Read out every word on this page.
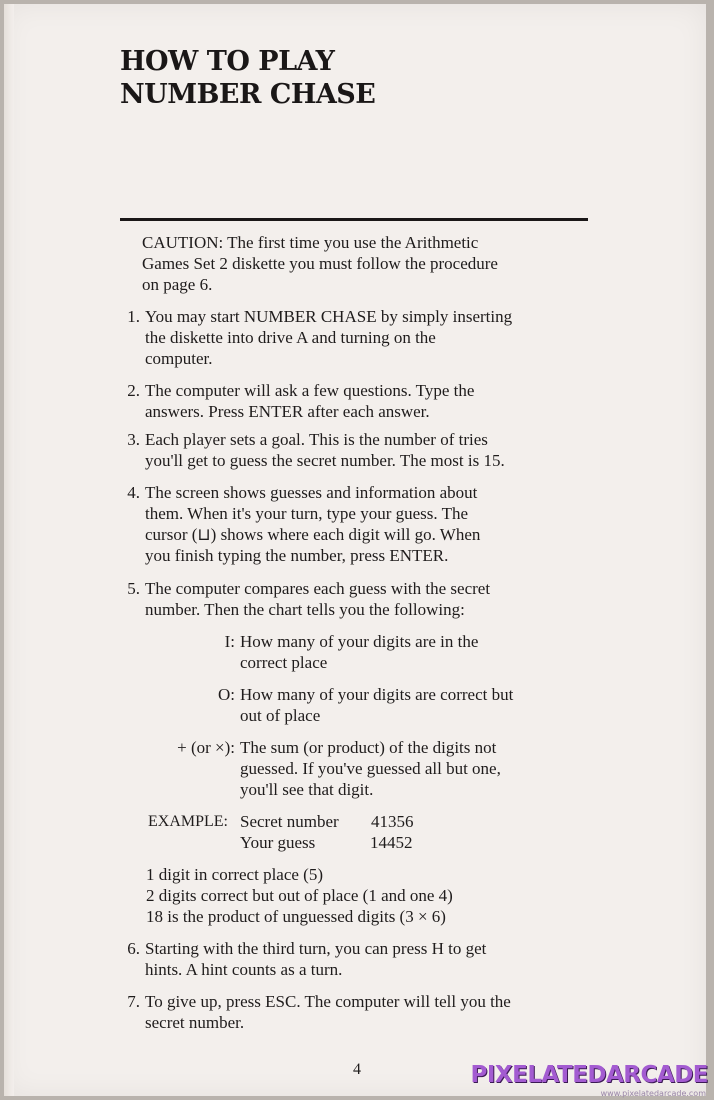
HOW TO PLAY
NUMBER CHASE
CAUTION: The first time you use the Arithmetic
Games Set 2 diskette you must follow the procedure
on page 6.
1. You may start NUMBER CHASE by simply inserting
the diskette into drive A and turning on the
computer.
2. The computer will ask a few questions. Type the
answers. Press ENTER after each answer.
3. Each player sets a goal. This is the number of tries
you'll get to guess the secret number. The most is 15.
4. The screen shows guesses and information about
them. When it's your turn, type your guess. The
cursor (⊔) shows where each digit will go. When
you finish typing the number, press ENTER.
5. The computer compares each guess with the secret
number. Then the chart tells you the following:
I: How many of your digits are in the
correct place
O: How many of your digits are correct but
out of place
+ (or ×): The sum (or product) of the digits not
guessed. If you've guessed all but one,
you'll see that digit.
EXAMPLE: Secret number 41356
Your guess	14452
1 digit in correct place (5)
2 digits correct but out of place (1 and one 4)
18 is the product of unguessed digits (3 × 6)
6. Starting with the third turn, you can press H to get
hints. A hint counts as a turn.
7. To give up, press ESC. The computer will tell you the
secret number.
4	PIXELATEDARCADE
www.pixelatedarcade.com
